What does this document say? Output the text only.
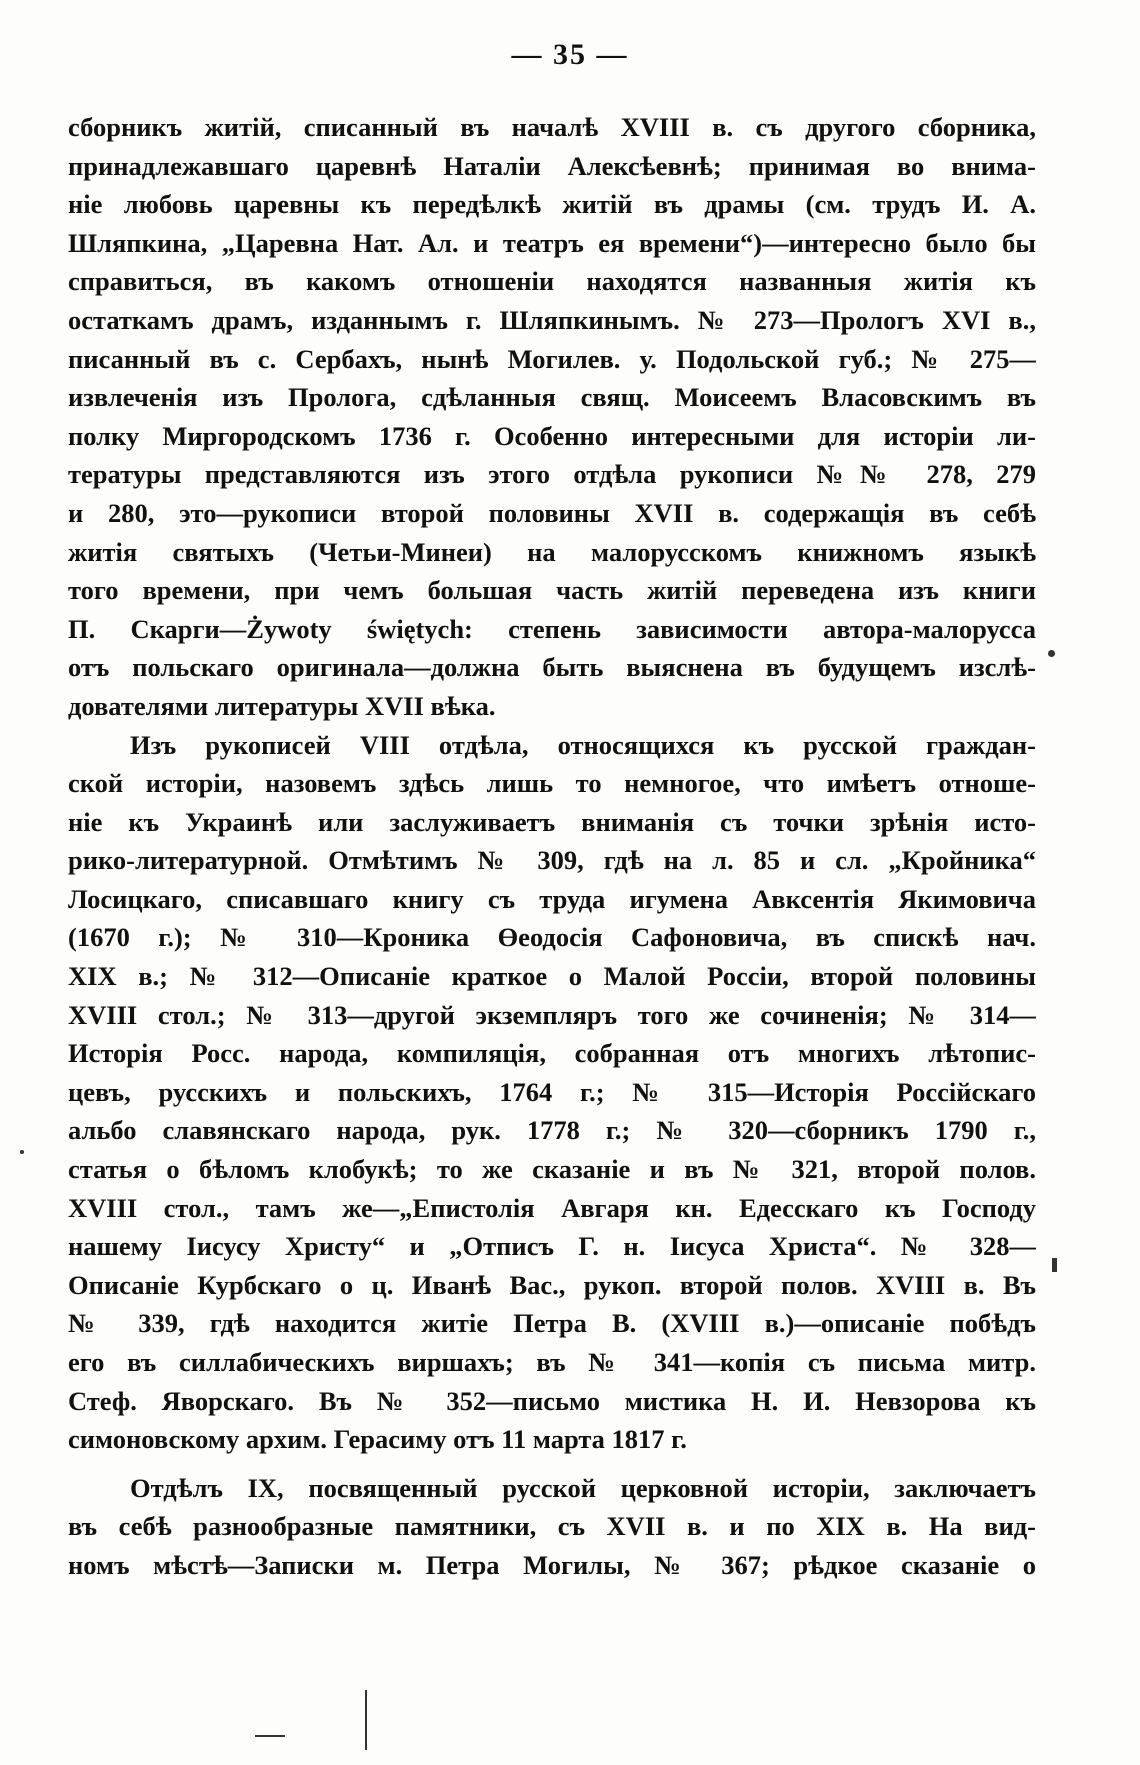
— 35 —
сборникъ житій, списанный въ началѣ XVIII в. съ другого сборника,
принадлежавшаго царевнѣ Наталіи Алексѣевнѣ; принимая во внима-
ніе любовь царевны къ передѣлкѣ житій въ драмы (см. трудъ И. А.
Шляпкина, „Царевна Нат. Ал. и театръ ея времени“)—интересно было бы
справиться, въ какомъ отношеніи находятся названныя житія къ
остаткамъ драмъ, изданнымъ г. Шляпкинымъ. № 273—Прологъ XVI в.,
писанный въ с. Сербахъ, нынѣ Могилев. у. Подольской губ.; № 275—
извлеченія изъ Пролога, сдѣланныя свящ. Моисеемъ Власовскимъ въ
полку Миргородскомъ 1736 г. Особенно интересными для исторіи ли-
тературы представляются изъ этого отдѣла рукописи №№ 278, 279
и 280, это—рукописи второй половины XVII в. содержащія въ себѣ
житія святыхъ (Четьи-Минеи) на малорусскомъ книжномъ языкѣ
того времени, при чемъ большая часть житій переведена изъ книги
П. Скарги—Żywoty świętych: степень зависимости автора-малорусса
отъ польскаго оригинала—должна быть выяснена въ будущемъ изслѣ-
дователями литературы XVII вѣка.
Изъ рукописей VIII отдѣла, относящихся къ русской граждан-
ской исторіи, назовемъ здѣсь лишь то немногое, что имѣетъ отноше-
ніе къ Украинѣ или заслуживаетъ вниманія съ точки зрѣнія исто-
рико-литературной. Отмѣтимъ № 309, гдѣ на л. 85 и сл. „Кройника“
Лосицкаго, списавшаго книгу съ труда игумена Авксентія Якимовича
(1670 г.); № 310—Кроника Өеодосія Сафоновича, въ спискѣ нач.
XIX в.; № 312—Описаніе краткое о Малой Россіи, второй половины
XVIII стол.; № 313—другой экземпляръ того же сочиненія; № 314—
Исторія Росс. народа, компиляція, собранная отъ многихъ лѣтопис-
цевъ, русскихъ и польскихъ, 1764 г.; № 315—Исторія Россійскаго
альбо славянскаго народа, рук. 1778 г.; № 320—сборникъ 1790 г.,
статья о бѣломъ клобукѣ; то же сказаніе и въ № 321, второй полов.
XVIII стол., тамъ же—„Епистолія Авгаря кн. Едесскаго къ Господу
нашему Іисусу Христу“ и „Отписъ Г. н. Іисуса Христа“. № 328—
Описаніе Курбскаго о ц. Иванѣ Вас., рукоп. второй полов. XVIII в. Въ
№ 339, гдѣ находится житіе Петра В. (XVIII в.)—описаніе побѣдъ
его въ силлабическихъ виршахъ; въ № 341—копія съ письма митр.
Стеф. Яворскаго. Въ № 352—письмо мистика Н. И. Невзорова къ
симоновскому архим. Герасиму отъ 11 марта 1817 г.
Отдѣлъ IX, посвященный русской церковной исторіи, заключаетъ
въ себѣ разнообразные памятники, съ XVII в. и по XIX в. На вид-
номъ мѣстѣ—Записки м. Петра Могилы, № 367; рѣдкое сказаніе о
